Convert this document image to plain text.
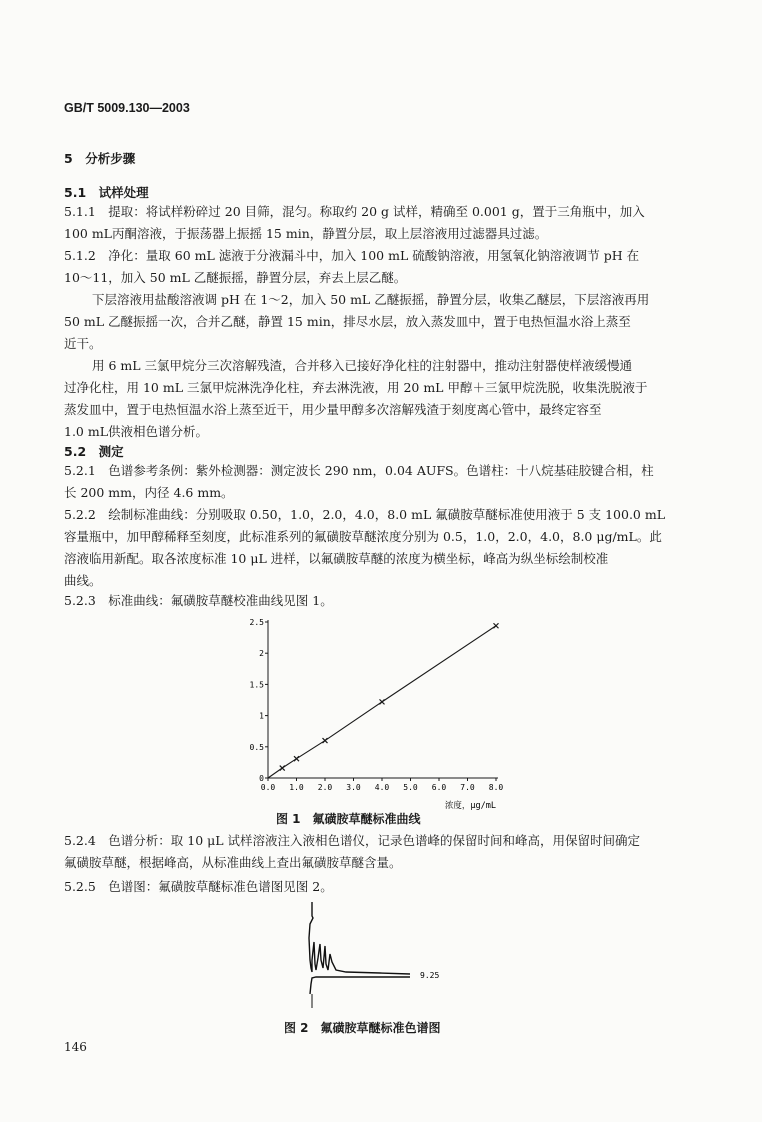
GB/T 5009.130—2003
5　分析步骤
5.1　试样处理
5.1.1　提取：将试样粉碎过 20 目筛，混匀。称取约 20 g 试样，精确至 0.001 g，置于三角瓶中，加入
100 mL丙酮溶液，于振荡器上振摇 15 min，静置分层，取上层溶液用过滤器具过滤。
5.1.2　净化：量取 60 mL 滤液于分液漏斗中，加入 100 mL 硫酸钠溶液，用氢氧化钠溶液调节 pH 在
10～11，加入 50 mL 乙醚振摇，静置分层，弃去上层乙醚。
下层溶液用盐酸溶液调 pH 在 1～2，加入 50 mL 乙醚振摇，静置分层，收集乙醚层，下层溶液再用
50 mL 乙醚振摇一次，合并乙醚，静置 15 min，排尽水层，放入蒸发皿中，置于电热恒温水浴上蒸至
近干。
用 6 mL 三氯甲烷分三次溶解残渣，合并移入已接好净化柱的注射器中，推动注射器使样液缓慢通
过净化柱，用 10 mL 三氯甲烷淋洗净化柱，弃去淋洗液，用 20 mL 甲醇＋三氯甲烷洗脱，收集洗脱液于
蒸发皿中，置于电热恒温水浴上蒸至近干，用少量甲醇多次溶解残渣于刻度离心管中，最终定容至
1.0 mL供液相色谱分析。
5.2　测定
5.2.1　色谱参考条例：紫外检测器：测定波长 290 nm，0.04 AUFS。色谱柱：十八烷基硅胶键合相，柱
长 200 mm，内径 4.6 mm。
5.2.2　绘制标准曲线：分别吸取 0.50，1.0，2.0，4.0，8.0 mL 氟磺胺草醚标准使用液于 5 支 100.0 mL
容量瓶中，加甲醇稀释至刻度，此标准系列的氟磺胺草醚浓度分别为 0.5，1.0，2.0，4.0，8.0 μg/mL。此
溶液临用新配。取各浓度标准 10 μL 进样，以氟磺胺草醚的浓度为横坐标，峰高为纵坐标绘制校准
曲线。
5.2.3　标准曲线：氟磺胺草醚校准曲线见图 1。
0.0 1.0 2.0 3.0 4.0 5.0 6.0 7.0 8.0
0
0.5
1
1.5
2
2.5
浓度，μg/mL
图 1　氟磺胺草醚标准曲线
5.2.4　色谱分析：取 10 μL 试样溶液注入液相色谱仪，记录色谱峰的保留时间和峰高，用保留时间确定
氟磺胺草醚，根据峰高，从标准曲线上查出氟磺胺草醚含量。
5.2.5　色谱图：氟磺胺草醚标准色谱图见图 2。
9.25
图 2　氟磺胺草醚标准色谱图
146
